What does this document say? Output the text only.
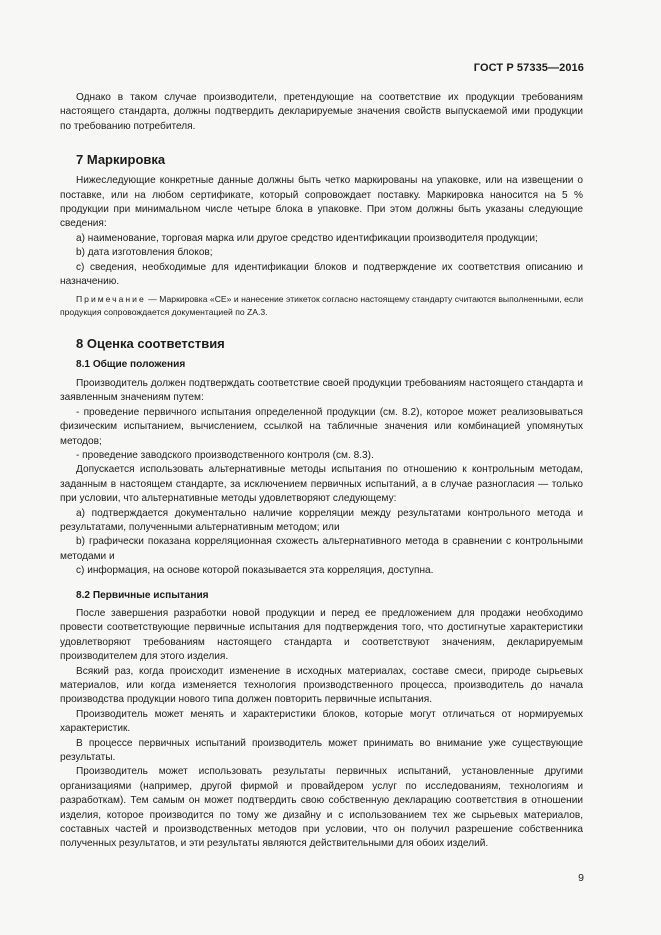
ГОСТ Р 57335—2016

Однако в таком случае производители, претендующие на соответствие их продукции требованиям настоящего стандарта, должны подтвердить декларируемые значения свойств выпускаемой ими продукции по требованию потребителя.

7 Маркировка

Нижеследующие конкретные данные должны быть четко маркированы на упаковке, или на извещении о поставке, или на любом сертификате, который сопровождает поставку. Маркировка наносится на 5 % продукции при минимальном числе четыре блока в упаковке. При этом должны быть указаны следующие сведения:

a) наименование, торговая марка или другое средство идентификации производителя продукции;

b) дата изготовления блоков;

c) сведения, необходимые для идентификации блоков и подтверждение их соответствия описанию и назначению.

Примечание — Маркировка «CE» и нанесение этикеток согласно настоящему стандарту считаются выполненными, если продукция сопровождается документацией по ZA.3.

8 Оценка соответствия
8.1 Общие положения

Производитель должен подтверждать соответствие своей продукции требованиям настоящего стандарта и заявленным значениям путем:

- проведение первичного испытания определенной продукции (см. 8.2), которое может реализовываться физическим испытанием, вычислением, ссылкой на табличные значения или комбинацией упомянутых методов;

- проведение заводского производственного контроля (см. 8.3).

Допускается использовать альтернативные методы испытания по отношению к контрольным методам, заданным в настоящем стандарте, за исключением первичных испытаний, а в случае разногласия — только при условии, что альтернативные методы удовлетворяют следующему:

a) подтверждается документально наличие корреляции между результатами контрольного метода и результатами, полученными альтернативным методом; или

b) графически показана корреляционная схожесть альтернативного метода в сравнении с контрольными методами и

c) информация, на основе которой показывается эта корреляция, доступна.

8.2 Первичные испытания

После завершения разработки новой продукции и перед ее предложением для продажи необходимо провести соответствующие первичные испытания для подтверждения того, что достигнутые характеристики удовлетворяют требованиям настоящего стандарта и соответствуют значениям, декларируемым производителем для этого изделия.

Всякий раз, когда происходит изменение в исходных материалах, составе смеси, природе сырьевых материалов, или когда изменяется технология производственного процесса, производитель до начала производства продукции нового типа должен повторить первичные испытания.

Производитель может менять и характеристики блоков, которые могут отличаться от нормируемых характеристик.

В процессе первичных испытаний производитель может принимать во внимание уже существующие результаты.

Производитель может использовать результаты первичных испытаний, установленные другими организациями (например, другой фирмой и провайдером услуг по исследованиям, технологиям и разработкам). Тем самым он может подтвердить свою собственную декларацию соответствия в отношении изделия, которое производится по тому же дизайну и с использованием тех же сырьевых материалов, составных частей и производственных методов при условии, что он получил разрешение собственника полученных результатов, и эти результаты являются действительными для обоих изделий.

9
